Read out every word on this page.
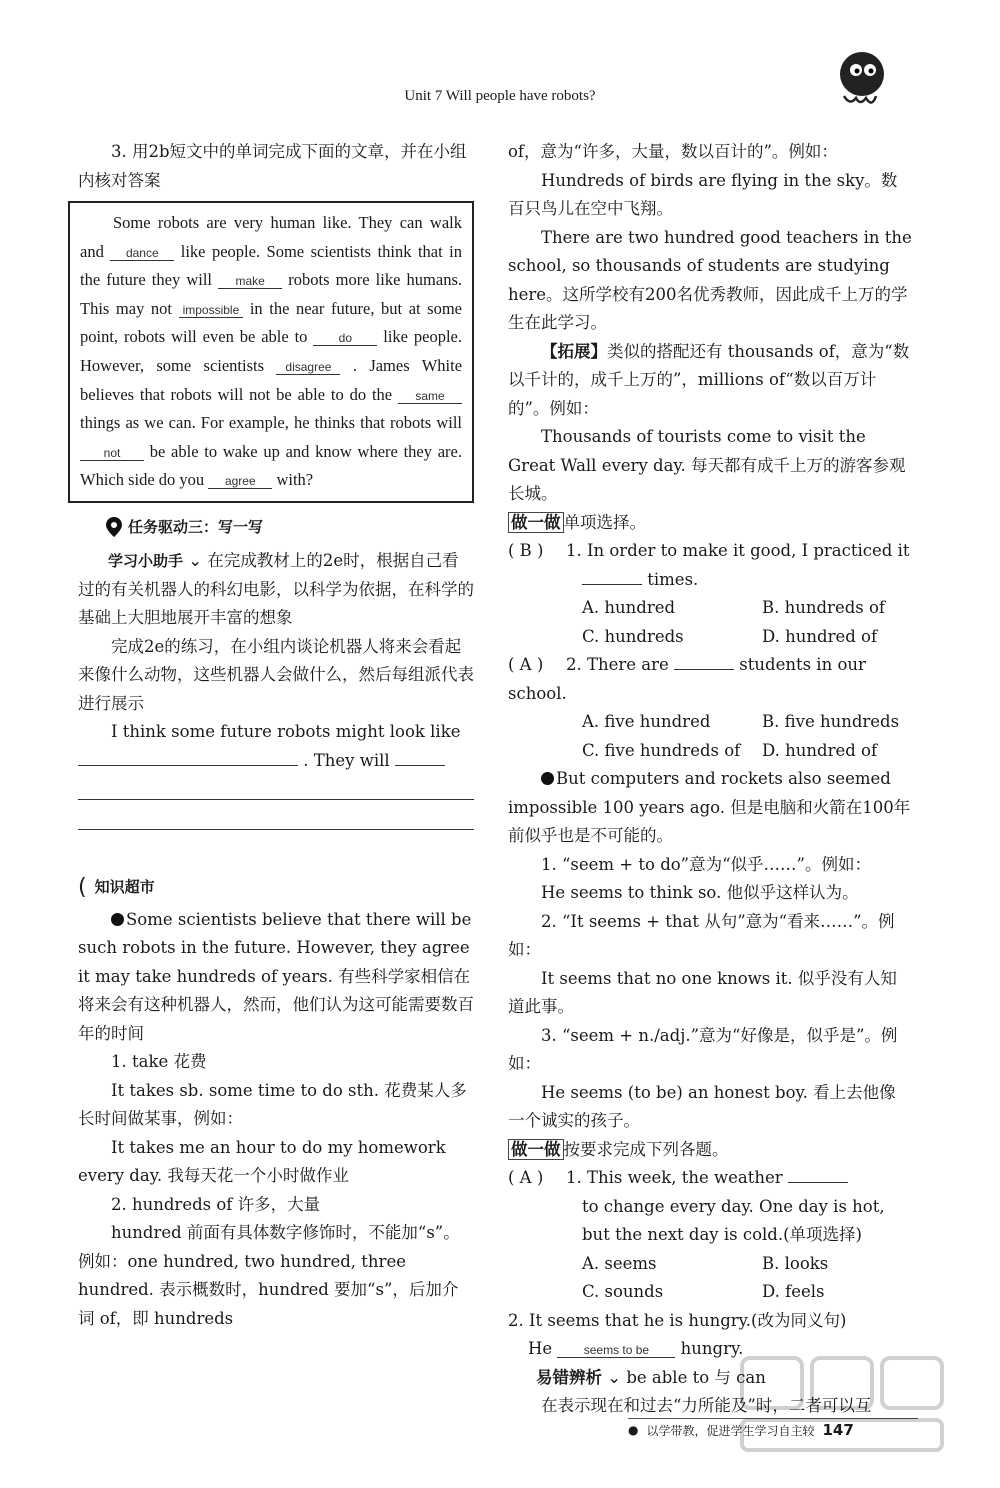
Unit 7 Will people have robots?

3. 用2b短文中的单词完成下面的文章，并在小组内核对答案

Some robots are very human like. They can walk and dance like people. Some scientists think that in the future they will make robots more like humans. This may not impossible in the near future, but at some point, robots will even be able to	do like people. However, some scientists disagree . James White believes that robots will not be able to do the same things as we can. For example, he thinks that robots will not be able to wake up and know where they are. Which side do you agree with?
任务驱动三：写一写

学习小助手 ⌄ 在完成教材上的2e时，根据自己看过的有关机器人的科幻电影，以科学为依据，在科学的基础上大胆地展开丰富的想象

完成2e的练习，在小组内谈论机器人将来会看起来像什么动物，这些机器人会做什么，然后每组派代表进行展示

I think some future robots might look like

. They will

( 知识超市

Some scientists believe that there will be such robots in the future. However, they agree it may take hundreds of years. 有些科学家相信在将来会有这种机器人，然而，他们认为这可能需要数百年的时间

1. take 花费

It takes sb. some time to do sth. 花费某人多长时间做某事，例如：

It takes me an hour to do my homework every day. 我每天花一个小时做作业

2. hundreds of 许多，大量

hundred 前面有具体数字修饰时，不能加“s”。例如：one hundred, two hundred, three hundred. 表示概数时，hundred 要加“s”，后加介词 of，即 hundreds

of，意为“许多，大量，数以百计的”。例如：

Hundreds of birds are flying in the sky。数百只鸟儿在空中飞翔。

There are two hundred good teachers in the school, so thousands of students are studying here。这所学校有200名优秀教师，因此成千上万的学生在此学习。

【拓展】类似的搭配还有 thousands of，意为“数以千计的，成千上万的”，millions of“数以百万计的”。例如：

Thousands of tourists come to visit the Great Wall every day. 每天都有成千上万的游客参观长城。

做一做 单项选择。

( B ) 1. In order to make it good, I practiced it

times.

A. hundred	B. hundreds of
C. hundreds	D. hundred of

( A ) 2. There are	students in our school.

A. five hundred	B. five hundreds
C. five hundreds of	D. hundred of

But computers and rockets also seemed impossible 100 years ago. 但是电脑和火箭在100年前似乎也是不可能的。

1. “seem + to do”意为“似乎……”。例如：

He seems to think so. 他似乎这样认为。

2. “It seems + that 从句”意为“看来……”。例如：

It seems that no one knows it. 似乎没有人知道此事。

3. “seem + n./adj.”意为“好像是，似乎是”。例如：

He seems (to be) an honest boy. 看上去他像一个诚实的孩子。

做一做 按要求完成下列各题。

( A ) 1. This week, the weather

to change every day. One day is hot, but the next day is cold.(单项选择)

A. seems	B. looks
C. sounds	D. feels

2. It seems that he is hungry.(改为同义句)

He	seems to be hungry.

易错辨析 ⌄ be able to 与 can

在表示现在和过去“力所能及”时，二者可以互

● 以学带教，促进学生学习自主较 147
